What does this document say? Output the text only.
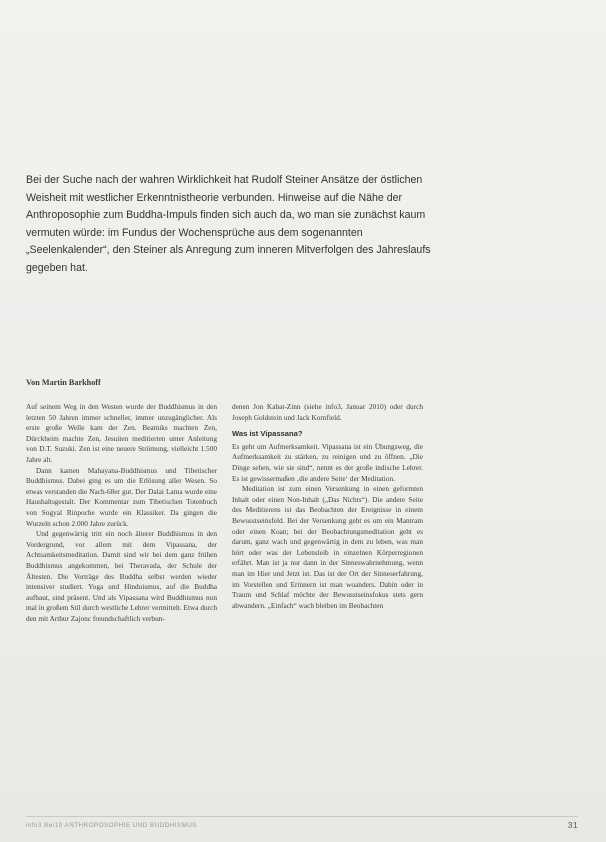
Bei der Suche nach der wahren Wirklichkeit hat Rudolf Steiner Ansätze der östlichen Weisheit mit westlicher Erkenntnistheorie verbunden. Hinweise auf die Nähe der Anthroposophie zum Buddha-Impuls finden sich auch da, wo man sie zunächst kaum vermuten würde: im Fundus der Wochensprüche aus dem sogenannten „Seelenkalender“, den Steiner als Anregung zum inneren Mitverfolgen des Jahreslaufs gegeben hat.
Von Martin Barkhoff

Auf seinem Weg in den Westen wurde der Buddhismus in den letzten 50 Jahren immer schneller, immer unzugänglicher. Als erste große Welle kam der Zen. Beatniks machten Zen, Dürckheim machte Zen, Jesuiten meditierten unter Anleitung von D.T. Suzuki. Zen ist eine neuere Strömung, vielleicht 1.500 Jahre alt.

Dann kamen Mahayana-Buddhismus und Tibetischer Buddhismus. Dabei ging es um die Erlösung aller Wesen. So etwas verstanden die Nach-68er gut. Der Dalai Lama wurde eine Haushaltsgestalt. Der Kommentar zum Tibetischen Totenbuch von Sogyal Rinpoche wurde ein Klassiker. Da gingen die Wurzeln schon 2.000 Jahre zurück.

Und gegenwärtig tritt ein noch älterer Buddhismus in den Vordergrund, vor allem mit dem Vipassana, der Achtsamkeitsmeditation. Damit sind wir bei dem ganz frühen Buddhismus angekommen, bei Theravada, der Schule der Ältesten. Die Vorträge des Buddha selbst werden wieder intensiver studiert. Yoga und Hinduismus, auf die Buddha aufbaut, sind präsent. Und als Vipassana wird Buddhismus nun mal in großem Stil durch westliche Lehrer vermittelt. Etwa durch den mit Arthur Zajonc freundschaftlich verbun-

denen Jon Kabat-Zinn (siehe info3, Januar 2010) oder durch Joseph Goldstein und Jack Kornfield.

Was ist Vipassana?

Es geht um Aufmerksamkeit. Vipassana ist ein Übungsweg, die Aufmerksamkeit zu stärken, zu reinigen und zu öffnen. „Die Dinge sehen, wie sie sind“, nennt es der große indische Lehrer. Es ist gewissermaßen ‚die andere Seite‘ der Meditation.

Meditation ist zum einen Versenkung in einen geformten Inhalt oder einen Non-Inhalt („Das Nichts“). Die andere Seite des Meditierens ist das Beobachten der Ereignisse in einem Bewusstseinsfeld. Bei der Versenkung geht es um ein Mantram oder einen Koan; bei der Beobachtungsmeditation geht es darum, ganz wach und gegenwärtig in dem zu leben, was man hört oder was der Lebensleib in einzelnen Körperregionen erfährt. Man ist ja nur dann in der Sinneswahrnehmung, wenn man im Hier und Jetzt ist. Das ist der Ort der Sinneserfahrung, im Vorstellen und Erinnern ist man woanders. Dahin oder in Traum und Schlaf möchte der Bewusstseinsfokus stets gern abwandern. „Einfach“ wach bleiben im Beobachten

info3 Be/10 ANTHROPOSOPHIE UND BUDDHISMUS	31
